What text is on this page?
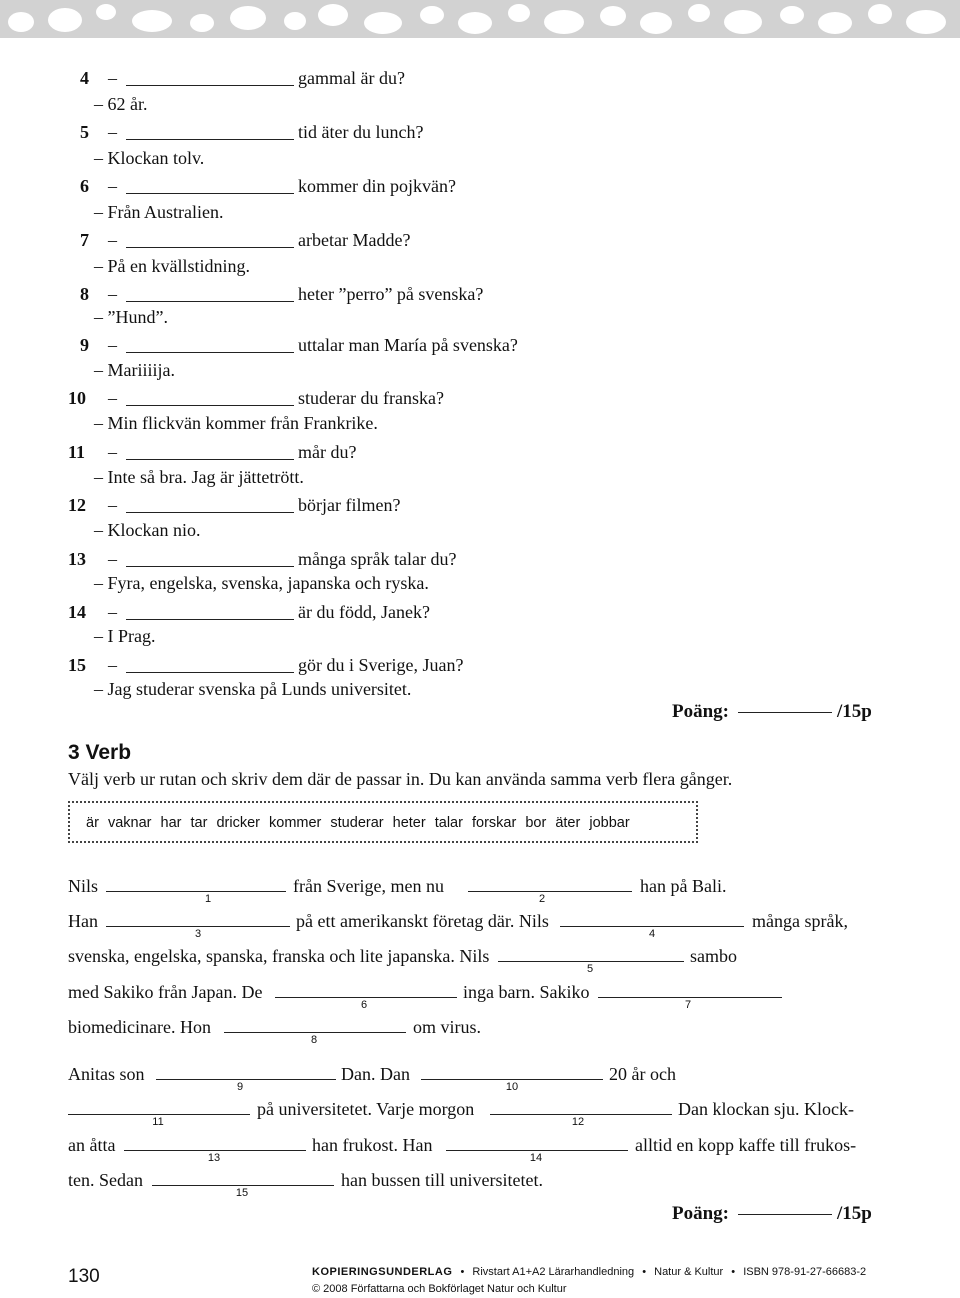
4	–	gammal är du?
– 62 år.
5	–	tid äter du lunch?
– Klockan tolv.
6	–	kommer din pojkvän?
– Från Australien.
7	–	arbetar Madde?
– På en kvällstidning.
8	–	heter ”perro” på svenska?
– ”Hund”.
9	–	uttalar man María på svenska?
– Mariiiija.
10	–	studerar du franska?
– Min flickvän kommer från Frankrike.
11	–	mår du?
– Inte så bra. Jag är jättetrött.
12	–	börjar filmen?
– Klockan nio.
13	–	många språk talar du?
– Fyra, engelska, svenska, japanska och ryska.
14	–	är du född, Janek?
– I Prag.
15	–	gör du i Sverige, Juan?
– Jag studerar svenska på Lunds universitet.
Poäng:	/15p
3 Verb
Välj verb ur rutan och skriv dem där de passar in. Du kan använda samma verb flera gånger.
är vaknar har tar dricker kommer studerar heter talar forskar bor äter jobbar
Nils
1
från Sverige, men nu
2
han på Bali.
Han
3
på ett amerikanskt företag där. Nils
4
många språk,
svenska, engelska, spanska, franska och lite japanska. Nils
5
sambo
med Sakiko från Japan. De
6
inga barn. Sakiko
7
biomedicinare. Hon
8
om virus.
Anitas son
9
Dan. Dan
10
20 år och
11
på universitetet. Varje morgon
12
Dan klockan sju. Klock-
an åtta
13
han frukost. Han
14
alltid en kopp kaffe till frukos-
ten. Sedan
15
han bussen till universitetet.
Poäng:	/15p
130	KOPIERINGSUNDERLAG • Rivstart A1+A2 Lärarhandledning • Natur & Kultur • ISBN 978-91-27-66683-2
© 2008 Författarna och Bokförlaget Natur och Kultur
